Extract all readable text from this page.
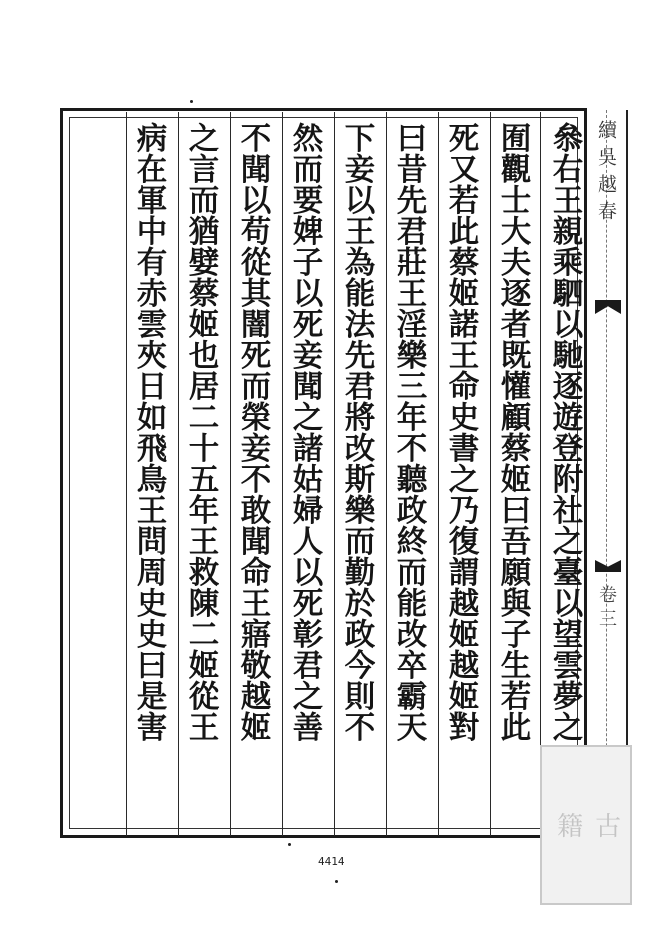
續吳越春
卷三
叅右王親乘駟以馳逐遊登附社之臺以望雲夢之
囿觀士大夫逐者既懽顧蔡姬曰吾願與子生若此
死又若此蔡姬諾王命史書之乃復謂越姬越姬對
曰昔先君莊王淫樂三年不聽政終而能改卒霸天
下妾以王為能法先君將改斯樂而勤於政今則不
然而要婢子以死妾聞之諸姑婦人以死彰君之善
不聞以苟從其闇死而榮妾不敢聞命王寤敬越姬
之言而猶嬖蔡姬也居二十五年王救陳二姬從王
病在軍中有赤雲夾日如飛鳥王問周史史曰是害
4414
古
籍
